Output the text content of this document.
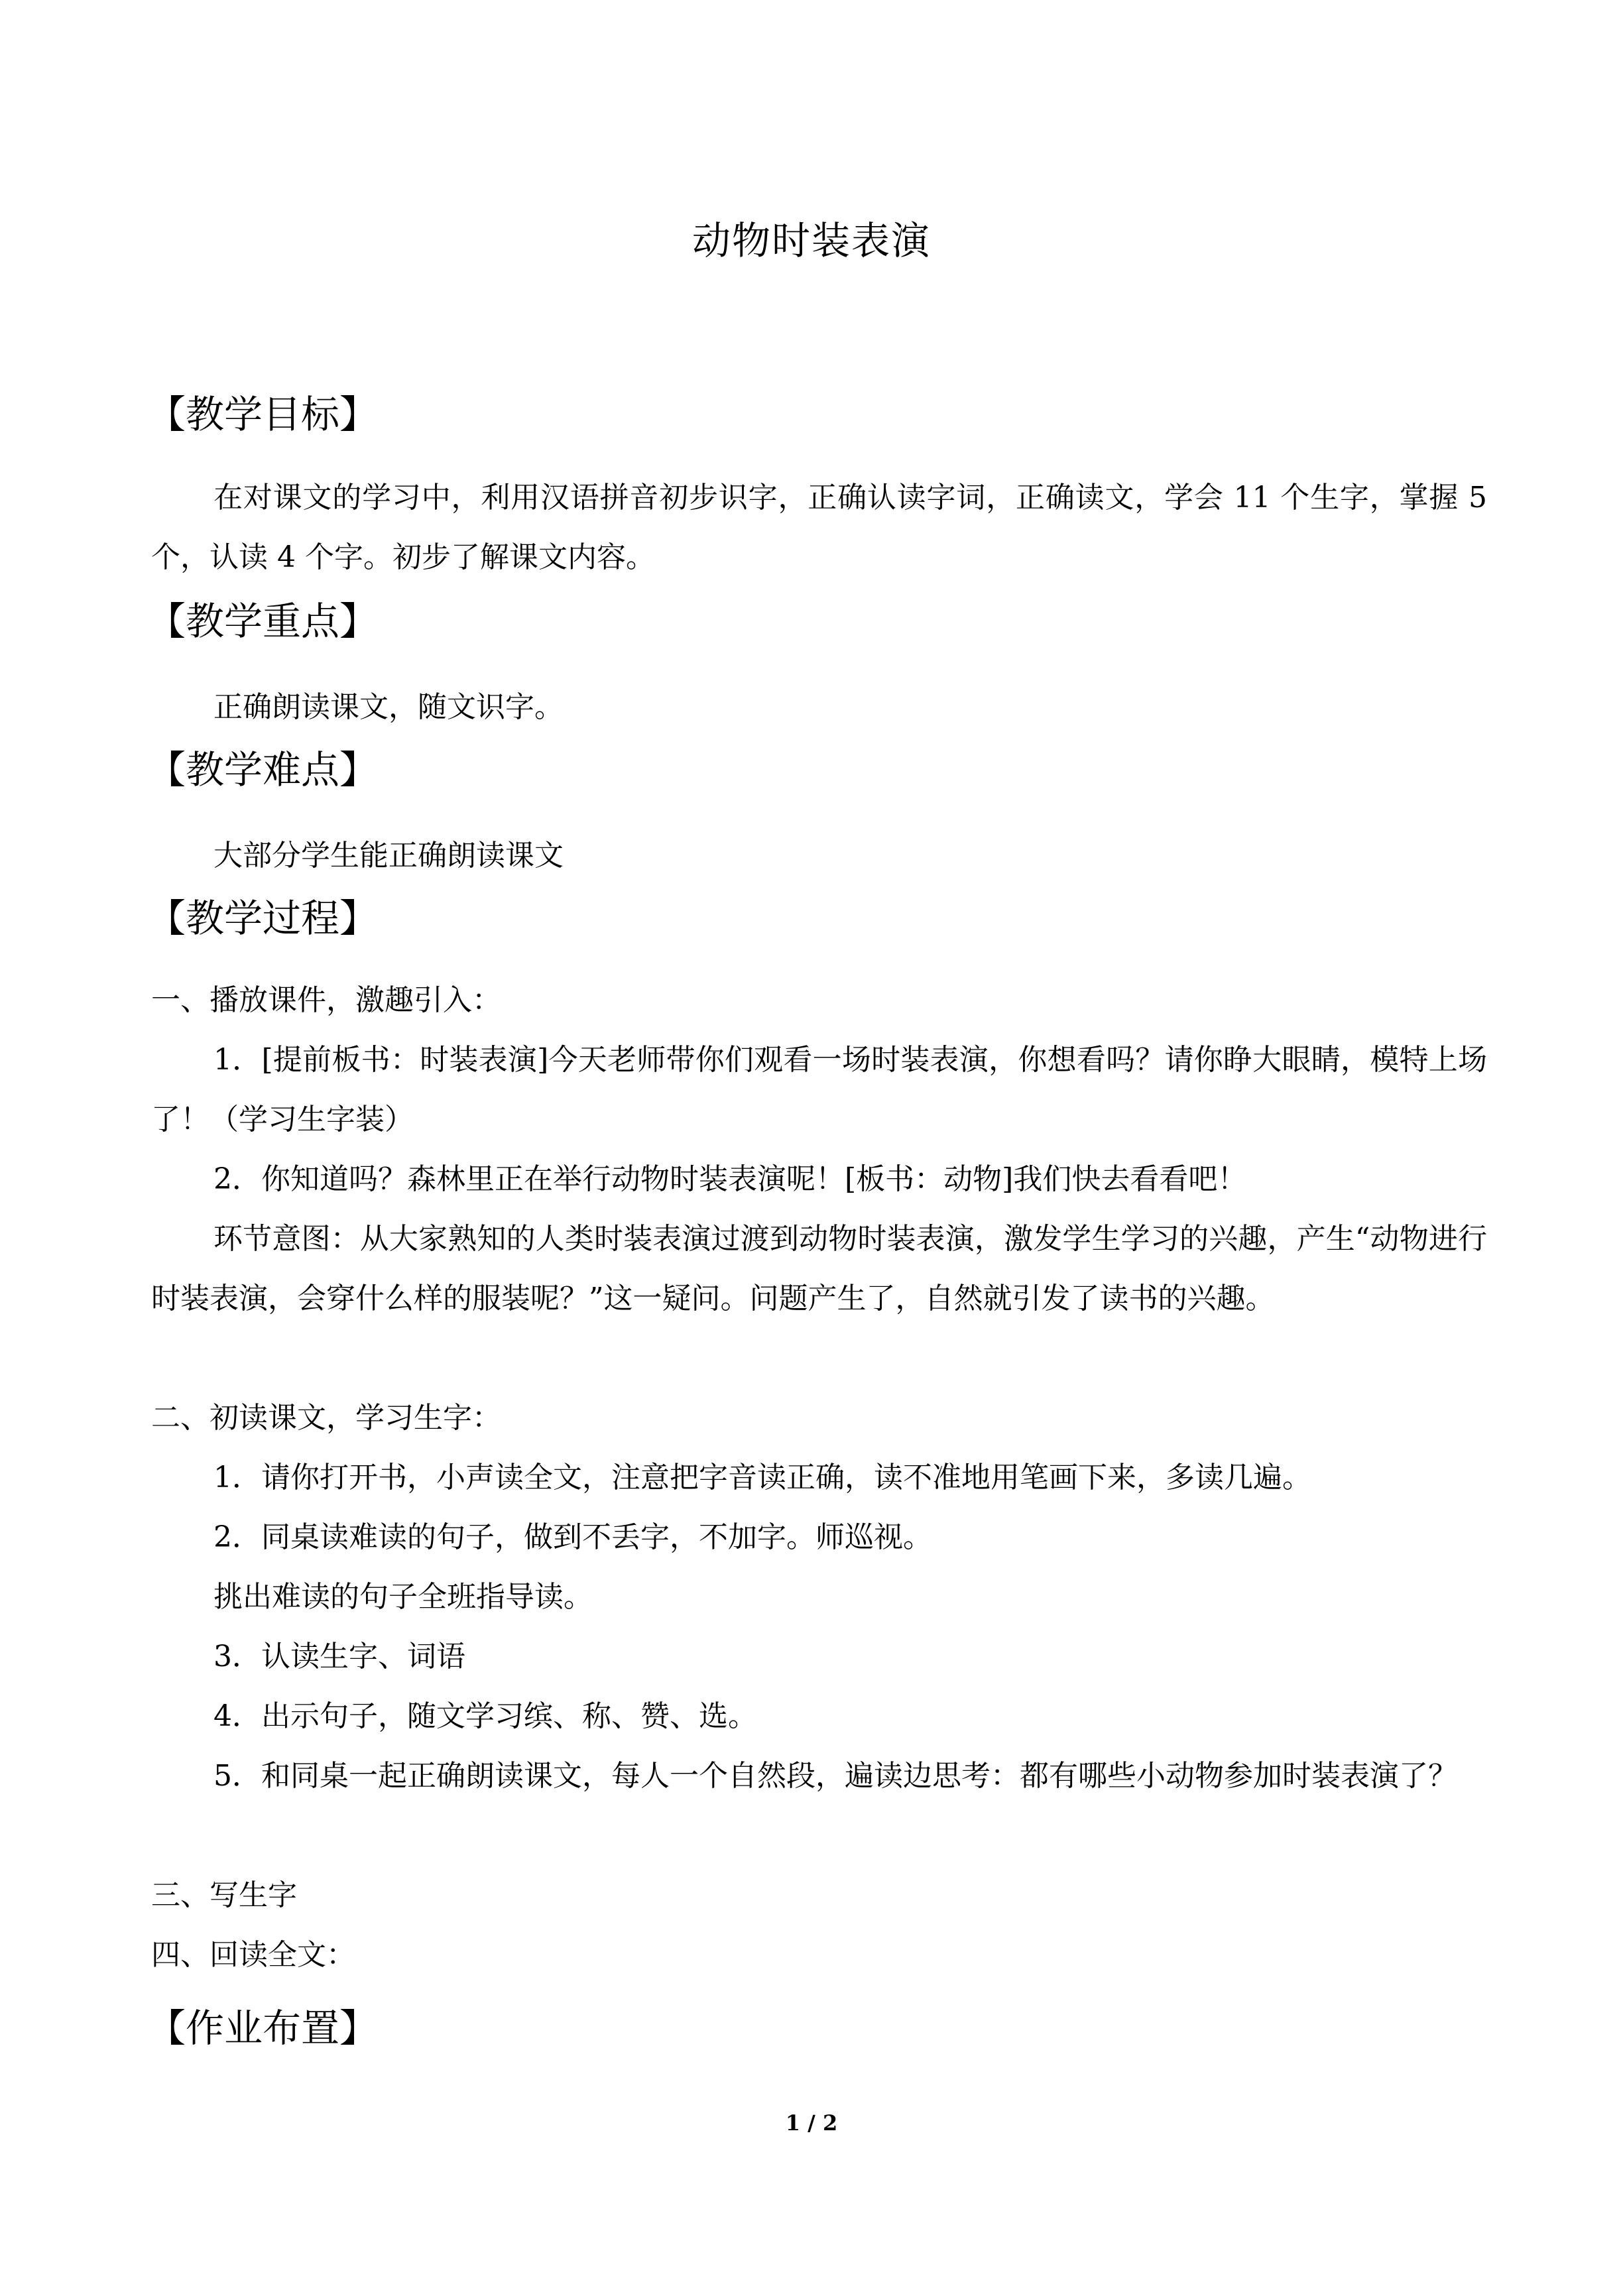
动物时装表演
【教学目标】

在对课文的学习中，利用汉语拼音初步识字，正确认读字词，正确读文，学会 11 个生字，掌握 5 个，认读 4 个字。初步了解课文内容。

【教学重点】

正确朗读课文，随文识字。

【教学难点】

大部分学生能正确朗读课文

【教学过程】

一、播放课件，激趣引入：

1．[提前板书：时装表演]今天老师带你们观看一场时装表演，你想看吗？请你睁大眼睛，模特上场了！（学习生字装）

2．你知道吗？森林里正在举行动物时装表演呢！[板书：动物]我们快去看看吧！

环节意图：从大家熟知的人类时装表演过渡到动物时装表演，激发学生学习的兴趣，产生“动物进行时装表演，会穿什么样的服装呢？”这一疑问。问题产生了，自然就引发了读书的兴趣。

二、初读课文，学习生字：

1．请你打开书，小声读全文，注意把字音读正确，读不准地用笔画下来，多读几遍。

2．同桌读难读的句子，做到不丢字，不加字。师巡视。

挑出难读的句子全班指导读。

3．认读生字、词语

4．出示句子，随文学习缤、称、赞、选。

5．和同桌一起正确朗读课文，每人一个自然段，遍读边思考：都有哪些小动物参加时装表演了？

三、写生字

四、回读全文：

【作业布置】
1 / 2
